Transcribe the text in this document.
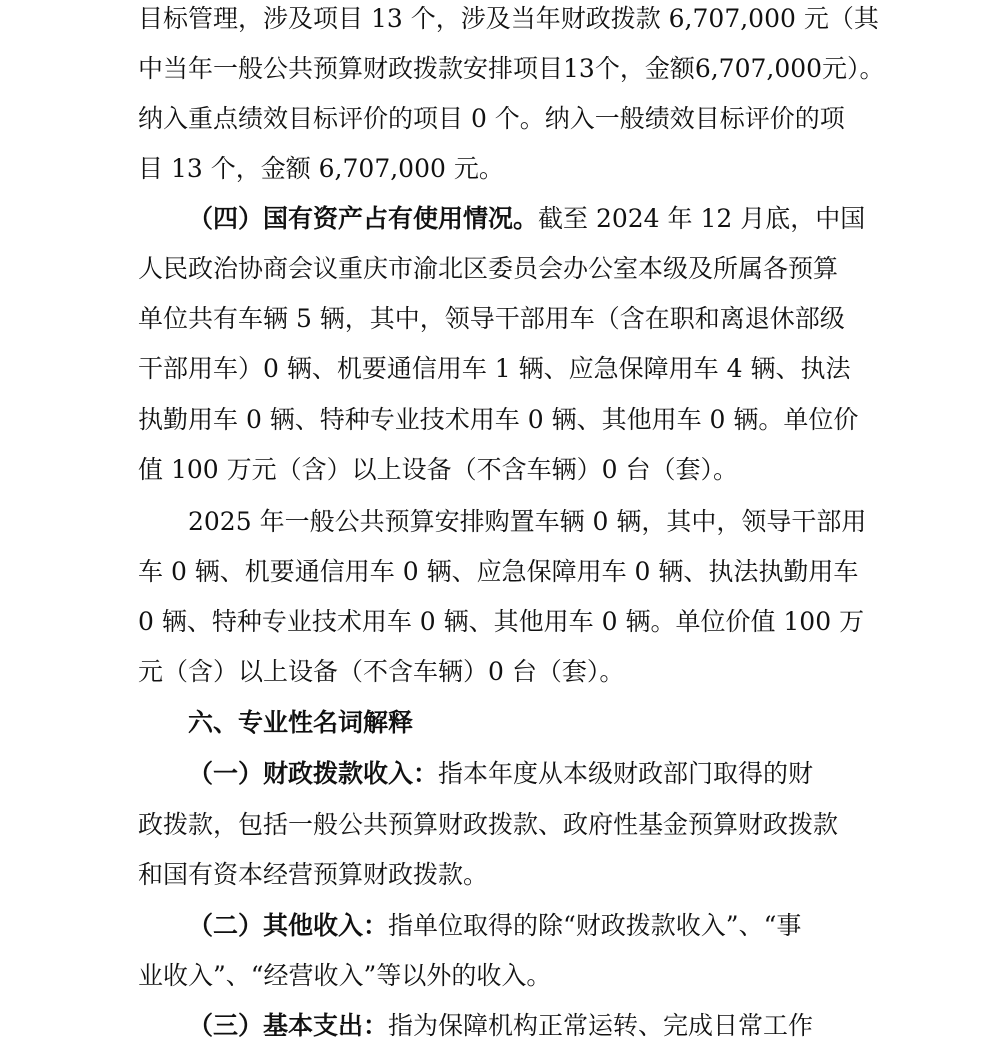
目标管理，涉及项目 13 个，涉及当年财政拨款 6,707,000 元（其
中当年一般公共预算财政拨款安排项目13个，金额6,707,000元）。
纳入重点绩效目标评价的项目 0 个。纳入一般绩效目标评价的项
目 13 个，金额 6,707,000 元。
（四）国有资产占有使用情况。截至 2024 年 12 月底，中国
人民政治协商会议重庆市渝北区委员会办公室本级及所属各预算
单位共有车辆 5 辆，其中，领导干部用车（含在职和离退休部级
干部用车）0 辆、机要通信用车 1 辆、应急保障用车 4 辆、执法
执勤用车 0 辆、特种专业技术用车 0 辆、其他用车 0 辆。单位价
值 100 万元（含）以上设备（不含车辆）0 台（套）。
2025 年一般公共预算安排购置车辆 0 辆，其中，领导干部用
车 0 辆、机要通信用车 0 辆、应急保障用车 0 辆、执法执勤用车
0 辆、特种专业技术用车 0 辆、其他用车 0 辆。单位价值 100 万
元（含）以上设备（不含车辆）0 台（套）。
六、专业性名词解释
（一）财政拨款收入：指本年度从本级财政部门取得的财
政拨款，包括一般公共预算财政拨款、政府性基金预算财政拨款
和国有资本经营预算财政拨款。
（二）其他收入：指单位取得的除“财政拨款收入”、“事
业收入”、“经营收入”等以外的收入。
（三）基本支出：指为保障机构正常运转、完成日常工作
